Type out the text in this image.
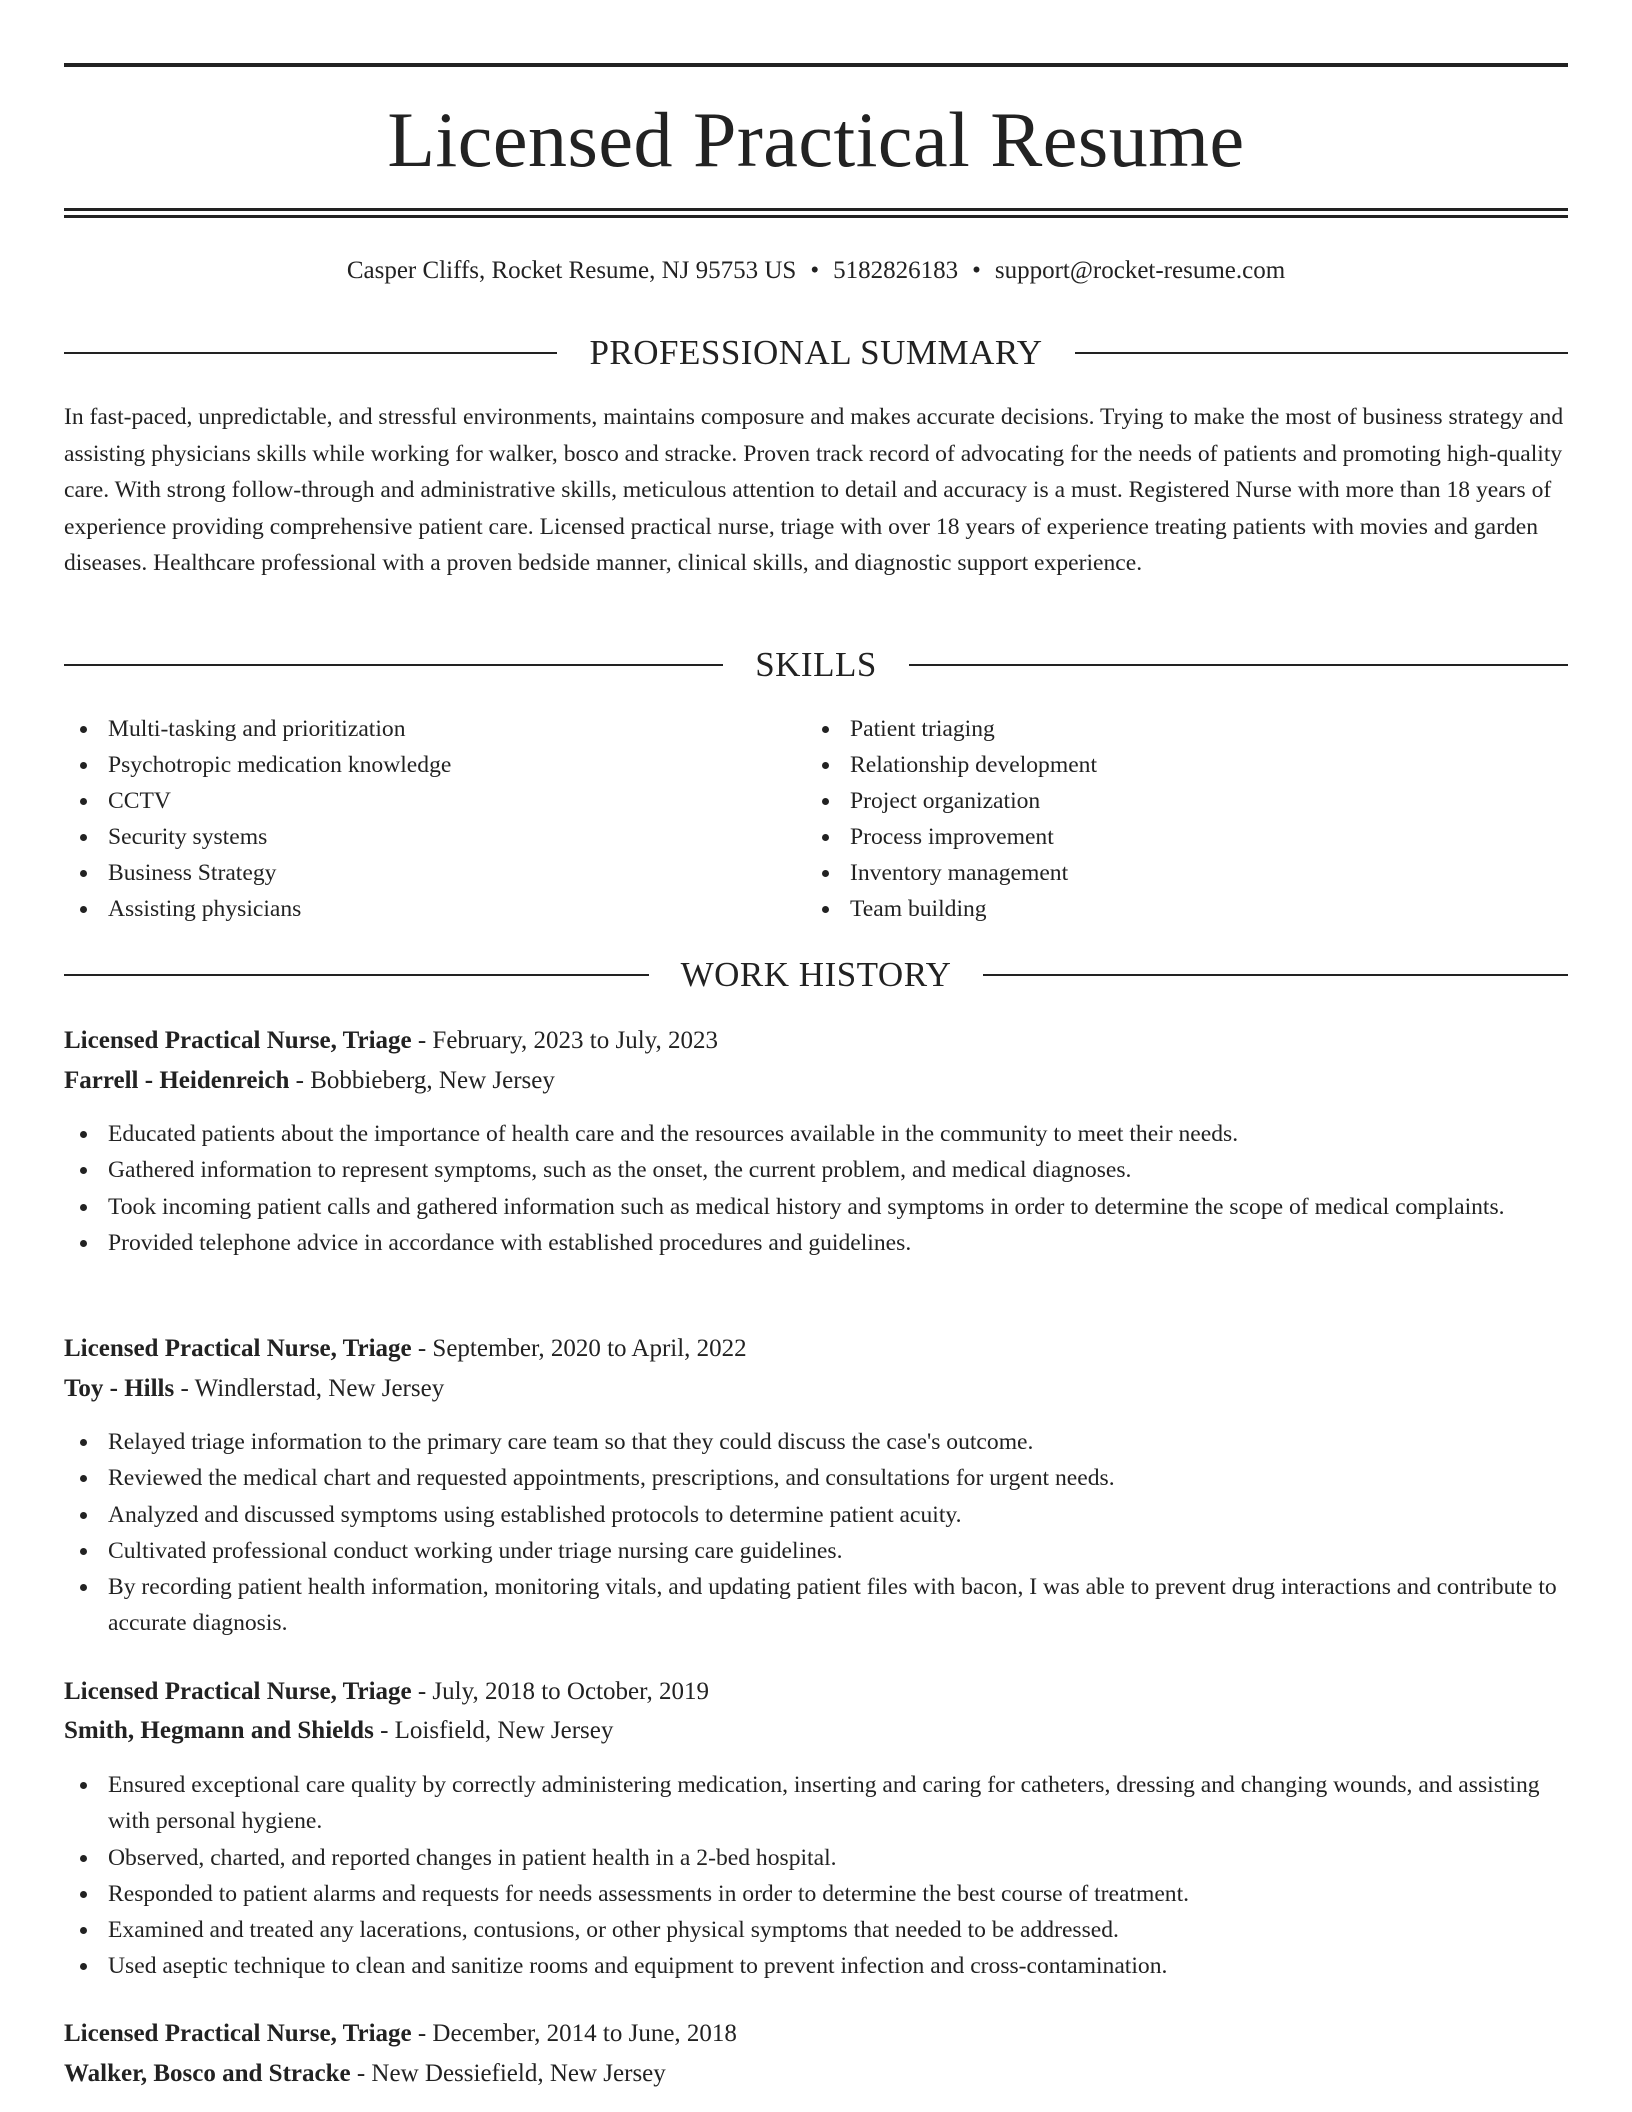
Licensed Practical Resume
Casper Cliffs, Rocket Resume, NJ 95753 US • 5182826183 • support@rocket-resume.com
PROFESSIONAL SUMMARY

In fast-paced, unpredictable, and stressful environments, maintains composure and makes accurate decisions. Trying to make the most of business strategy and assisting physicians skills while working for walker, bosco and stracke. Proven track record of advocating for the needs of patients and promoting high-quality care. With strong follow-through and administrative skills, meticulous attention to detail and accuracy is a must. Registered Nurse with more than 18 years of experience providing comprehensive patient care. Licensed practical nurse, triage with over 18 years of experience treating patients with movies and garden diseases. Healthcare professional with a proven bedside manner, clinical skills, and diagnostic support experience.

SKILLS
Multi-tasking and prioritization
Psychotropic medication knowledge
CCTV
Security systems
Business Strategy
Assisting physicians
Patient triaging
Relationship development
Project organization
Process improvement
Inventory management
Team building
WORK HISTORY
Licensed Practical Nurse, Triage - February, 2023 to July, 2023
Farrell - Heidenreich - Bobbieberg, New Jersey
Educated patients about the importance of health care and the resources available in the community to meet their needs.
Gathered information to represent symptoms, such as the onset, the current problem, and medical diagnoses.
Took incoming patient calls and gathered information such as medical history and symptoms in order to determine the scope of medical complaints.
Provided telephone advice in accordance with established procedures and guidelines.
Licensed Practical Nurse, Triage - September, 2020 to April, 2022
Toy - Hills - Windlerstad, New Jersey
Relayed triage information to the primary care team so that they could discuss the case's outcome.
Reviewed the medical chart and requested appointments, prescriptions, and consultations for urgent needs.
Analyzed and discussed symptoms using established protocols to determine patient acuity.
Cultivated professional conduct working under triage nursing care guidelines.
By recording patient health information, monitoring vitals, and updating patient files with bacon, I was able to prevent drug interactions and contribute to accurate diagnosis.
Licensed Practical Nurse, Triage - July, 2018 to October, 2019
Smith, Hegmann and Shields - Loisfield, New Jersey
Ensured exceptional care quality by correctly administering medication, inserting and caring for catheters, dressing and changing wounds, and assisting with personal hygiene.
Observed, charted, and reported changes in patient health in a 2-bed hospital.
Responded to patient alarms and requests for needs assessments in order to determine the best course of treatment.
Examined and treated any lacerations, contusions, or other physical symptoms that needed to be addressed.
Used aseptic technique to clean and sanitize rooms and equipment to prevent infection and cross-contamination.
Licensed Practical Nurse, Triage - December, 2014 to June, 2018
Walker, Bosco and Stracke - New Dessiefield, New Jersey
